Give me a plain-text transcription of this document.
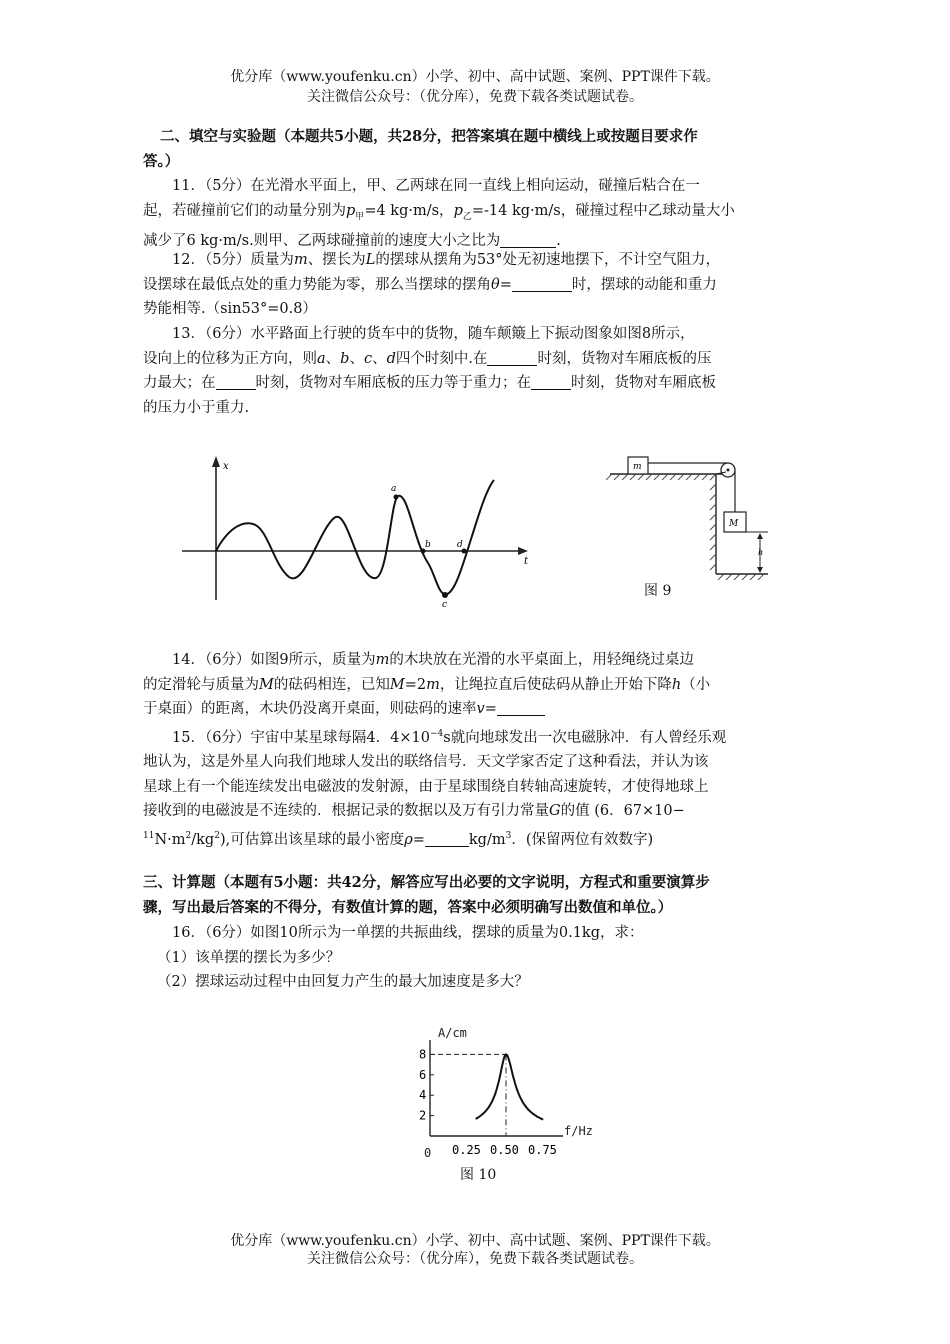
优分库（www.youfenku.cn）小学、初中、高中试题、案例、PPT课件下载。
关注微信公众号：（优分库），免费下载各类试题试卷。
二、填空与实验题（本题共5小题，共28分，把答案填在题中横线上或按题目要求作
答。）
11．（5分）在光滑水平面上，甲、乙两球在同一直线上相向运动，碰撞后粘合在一
起，若碰撞前它们的动量分别为$p_甲=4$ kg·m/s，$p_乙=-14$ kg·m/s，碰撞过程中乙球动量大小
减少了6 kg·m/s.则甲、乙两球碰撞前的速度大小之比为	.
12．（5分）质量为m、摆长为L的摆球从摆角为53°处无初速地摆下，不计空气阻力，
设摆球在最低点处的重力势能为零，那么当摆球的摆角θ=	时，摆球的动能和重力
势能相等.（sin53°=0.8）
13．（6分）水平路面上行驶的货车中的货物，随车颠簸上下振动图象如图8所示，
设向上的位移为正方向，则a、b、c、d四个时刻中.在	时刻，货物对车厢底板的压
力最大；在	时刻，货物对车厢底板的压力等于重力；在	时刻，货物对车厢底板
的压力小于重力.
x
t
a
b
c
d
m
M
h
图 9
14．（6分）如图9所示，质量为m的木块放在光滑的水平桌面上，用轻绳绕过桌边
的定滑轮与质量为M的砝码相连，已知M=2m，让绳拉直后使砝码从静止开始下降h（小
于桌面）的距离，木块仍没离开桌面，则砝码的速率v=
15．（6分）宇宙中某星球每隔4．$4\times 10^{-4}s$就向地球发出一次电磁脉冲．有人曾经乐观
地认为，这是外星人向我们地球人发出的联络信号．天文学家否定了这种看法，并认为该
星球上有一个能连续发出电磁波的发射源，由于星球围绕自转轴高速旋转，才使得地球上
接收到的电磁波是不连续的．根据记录的数据以及万有引力常量G的值 (6．67×10−
$^{11}N\cdot m^2/kg^2$),可估算出该星球的最小密度ρ=	$kg/m^3$．(保留两位有效数字)
三、计算题（本题有5小题：共42分，解答应写出必要的文字说明，方程式和重要演算步
骤，写出最后答案的不得分，有数值计算的题，答案中必须明确写出数值和单位。）
16．（6分）如图10所示为一单摆的共振曲线，摆球的质量为0.1kg，求：
（1）该单摆的摆长为多少？
（2）摆球运动过程中由回复力产生的最大加速度是多大？
A/cm
f/Hz
0
8
6
4
2
0.25 0.50 0.75
图 10
优分库（www.youfenku.cn）小学、初中、高中试题、案例、PPT课件下载。
关注微信公众号：（优分库），免费下载各类试题试卷。
